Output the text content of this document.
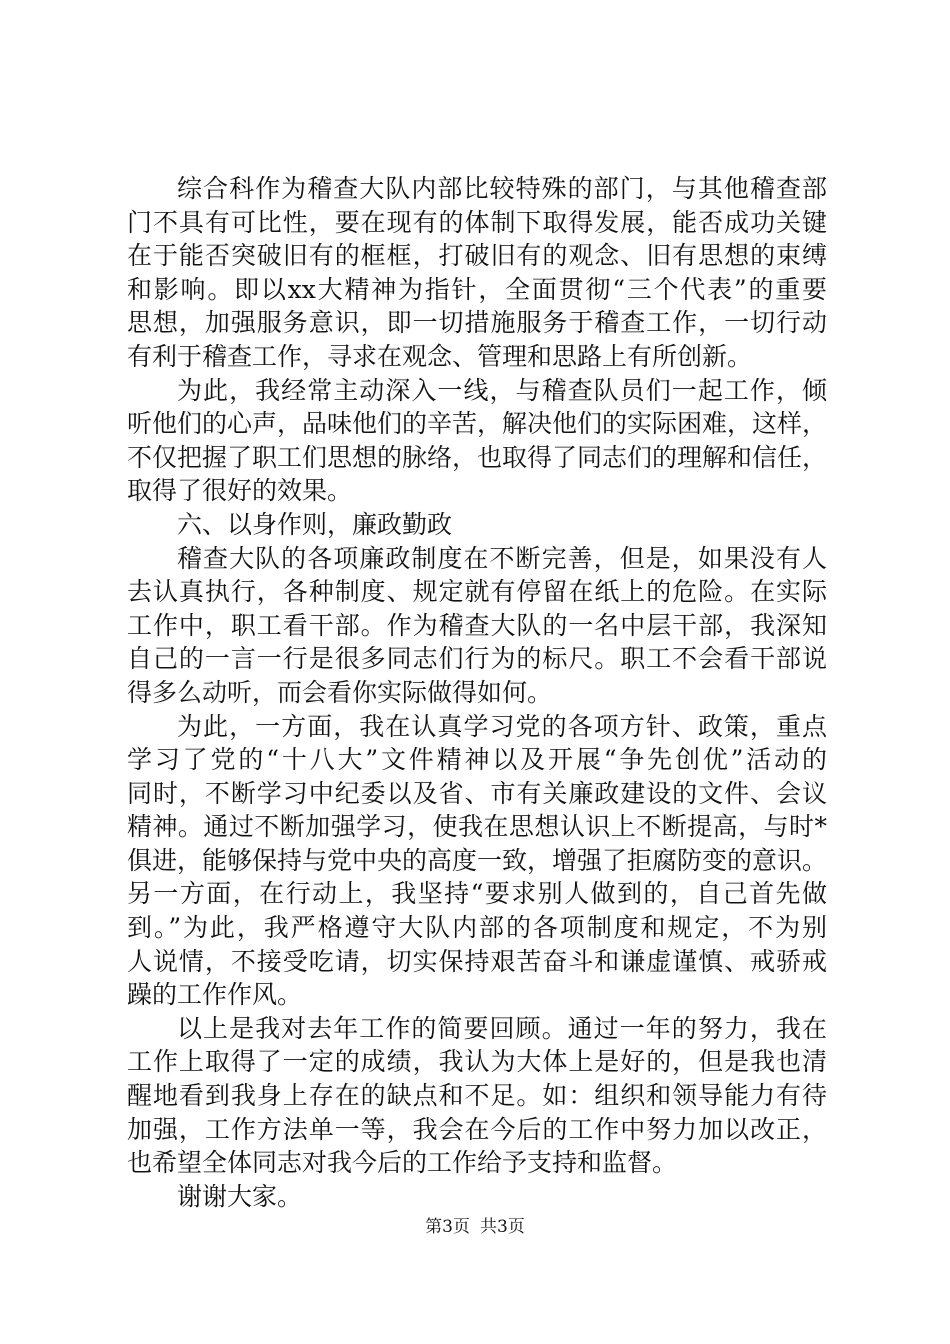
综合科作为稽查大队内部比较特殊的部门，与其他稽查部
门不具有可比性，要在现有的体制下取得发展，能否成功关键
在于能否突破旧有的框框，打破旧有的观念、旧有思想的束缚
和影响。即以xx大精神为指针，全面贯彻“三个代表”的重要
思想，加强服务意识，即一切措施服务于稽查工作，一切行动
有利于稽查工作，寻求在观念、管理和思路上有所创新。
为此，我经常主动深入一线，与稽查队员们一起工作，倾
听他们的心声，品味他们的辛苦，解决他们的实际困难，这样，
不仅把握了职工们思想的脉络，也取得了同志们的理解和信任，
取得了很好的效果。
六、以身作则，廉政勤政
稽查大队的各项廉政制度在不断完善，但是，如果没有人
去认真执行，各种制度、规定就有停留在纸上的危险。在实际
工作中，职工看干部。作为稽查大队的一名中层干部，我深知
自己的一言一行是很多同志们行为的标尺。职工不会看干部说
得多么动听，而会看你实际做得如何。
为此，一方面，我在认真学习党的各项方针、政策，重点
学习了党的“十八大”文件精神以及开展“争先创优”活动的
同时，不断学习中纪委以及省、市有关廉政建设的文件、会议
精神。通过不断加强学习，使我在思想认识上不断提高，与时*
俱进，能够保持与党中央的高度一致，增强了拒腐防变的意识。
另一方面，在行动上，我坚持“要求别人做到的，自己首先做
到。”为此，我严格遵守大队内部的各项制度和规定，不为别
人说情，不接受吃请，切实保持艰苦奋斗和谦虚谨慎、戒骄戒
躁的工作作风。
以上是我对去年工作的简要回顾。通过一年的努力，我在
工作上取得了一定的成绩，我认为大体上是好的，但是我也清
醒地看到我身上存在的缺点和不足。如：组织和领导能力有待
加强，工作方法单一等，我会在今后的工作中努力加以改正，
也希望全体同志对我今后的工作给予支持和监督。
谢谢大家。
第3页 共3页
